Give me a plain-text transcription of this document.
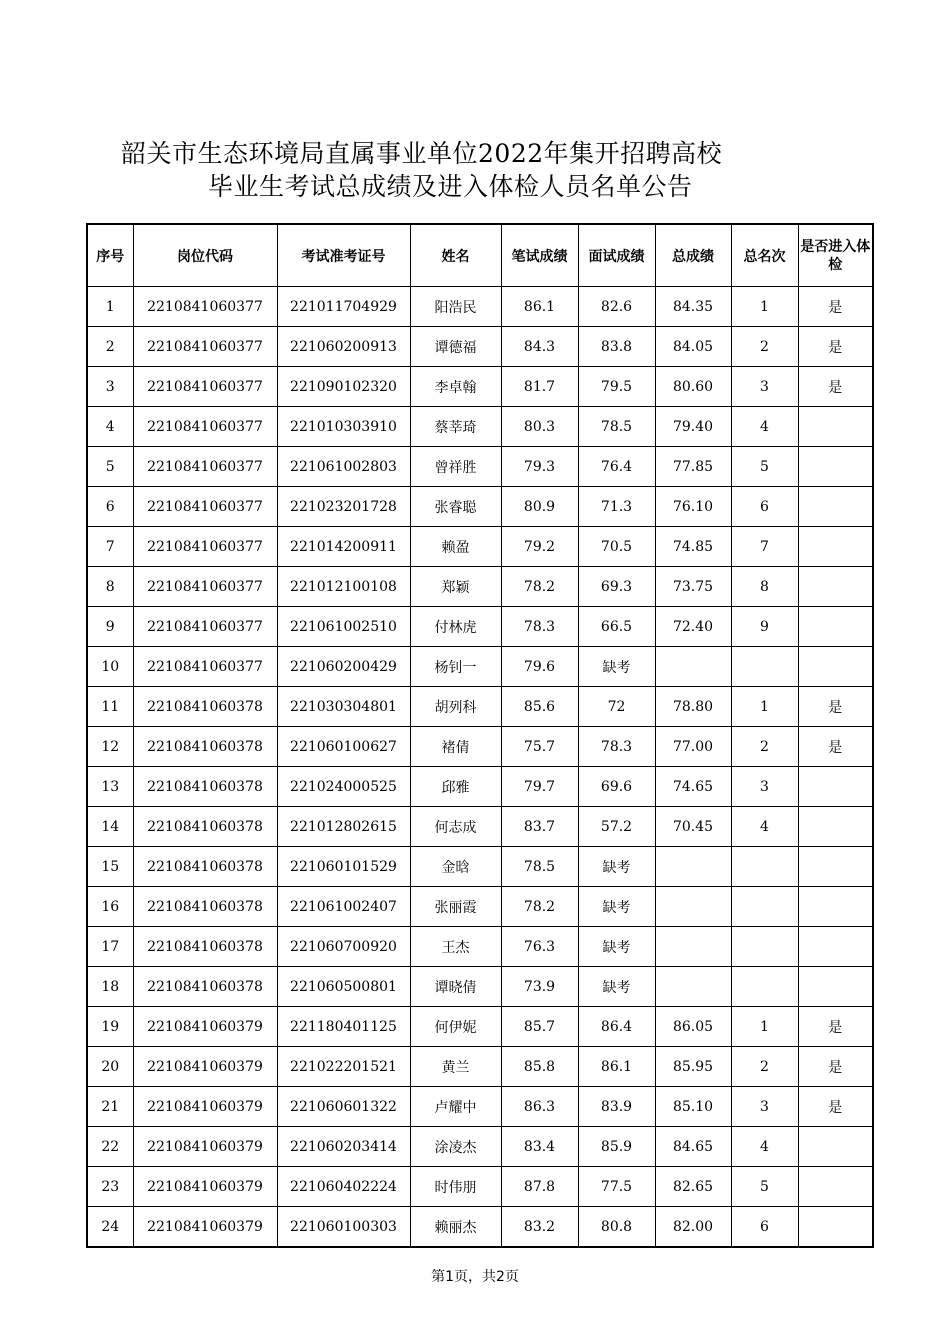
韶关市生态环境局直属事业单位2022年集开招聘高校
毕业生考试总成绩及进入体检人员名单公告
序号	岗位代码	考试准考证号	姓名	笔试成绩	面试成绩	总成绩	总名次	是否进入体检
1	2210841060377	221011704929	阳浩民	86.1	82.6	84.35	1	是
2	2210841060377	221060200913	谭德福	84.3	83.8	84.05	2	是
3	2210841060377	221090102320	李卓翰	81.7	79.5	80.60	3	是
4	2210841060377	221010303910	蔡莘琦	80.3	78.5	79.40	4	
5	2210841060377	221061002803	曾祥胜	79.3	76.4	77.85	5	
6	2210841060377	221023201728	张睿聪	80.9	71.3	76.10	6	
7	2210841060377	221014200911	赖盈	79.2	70.5	74.85	7	
8	2210841060377	221012100108	郑颖	78.2	69.3	73.75	8	
9	2210841060377	221061002510	付林虎	78.3	66.5	72.40	9	
10	2210841060377	221060200429	杨钊一	79.6	缺考			
11	2210841060378	221030304801	胡列科	85.6	72	78.80	1	是
12	2210841060378	221060100627	褚倩	75.7	78.3	77.00	2	是
13	2210841060378	221024000525	邱雅	79.7	69.6	74.65	3	
14	2210841060378	221012802615	何志成	83.7	57.2	70.45	4	
15	2210841060378	221060101529	金晗	78.5	缺考			
16	2210841060378	221061002407	张丽霞	78.2	缺考			
17	2210841060378	221060700920	王杰	76.3	缺考			
18	2210841060378	221060500801	谭晓倩	73.9	缺考			
19	2210841060379	221180401125	何伊妮	85.7	86.4	86.05	1	是
20	2210841060379	221022201521	黄兰	85.8	86.1	85.95	2	是
21	2210841060379	221060601322	卢耀中	86.3	83.9	85.10	3	是
22	2210841060379	221060203414	涂凌杰	83.4	85.9	84.65	4	
23	2210841060379	221060402224	时伟朋	87.8	77.5	82.65	5	
24	2210841060379	221060100303	赖丽杰	83.2	80.8	82.00	6	
第1页，共2页
